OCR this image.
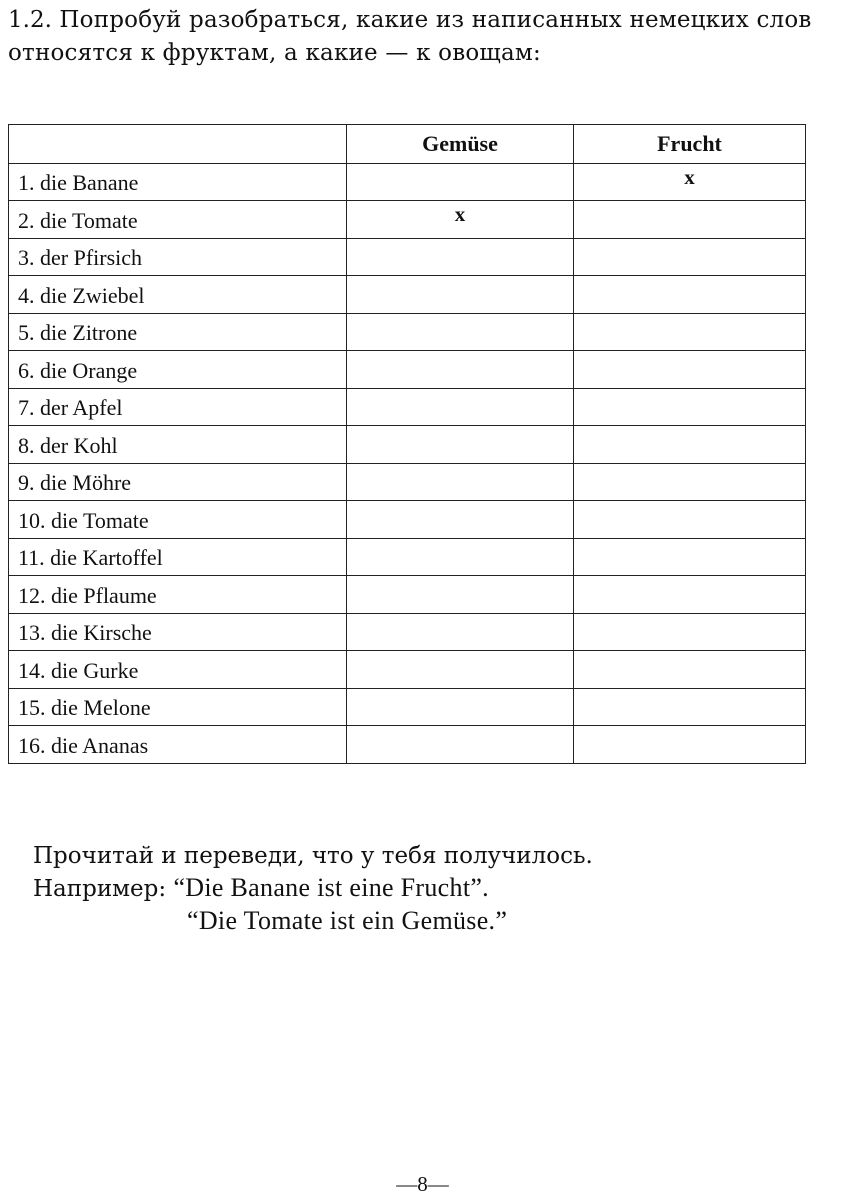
1.2. Попробуй разобраться, какие из написанных немецких слов относятся к фруктам, а какие — к овощам:
	Gemüse	Frucht
1. die Banane		x
2. die Tomate	x	
3. der Pfirsich		
4. die Zwiebel		
5. die Zitrone		
6. die Orange		
7. der Apfel		
8. der Kohl		
9. die Möhre		
10. die Tomate		
11. die Kartoffel		
12. die Pflaume		
13. die Kirsche		
14. die Gurke		
15. die Melone		
16. die Ananas		
Прочитай и переведи, что у тебя получилось.
Например: “Die Banane ist eine Frucht”.
“Die Tomate ist ein Gemüse.”
—8—
